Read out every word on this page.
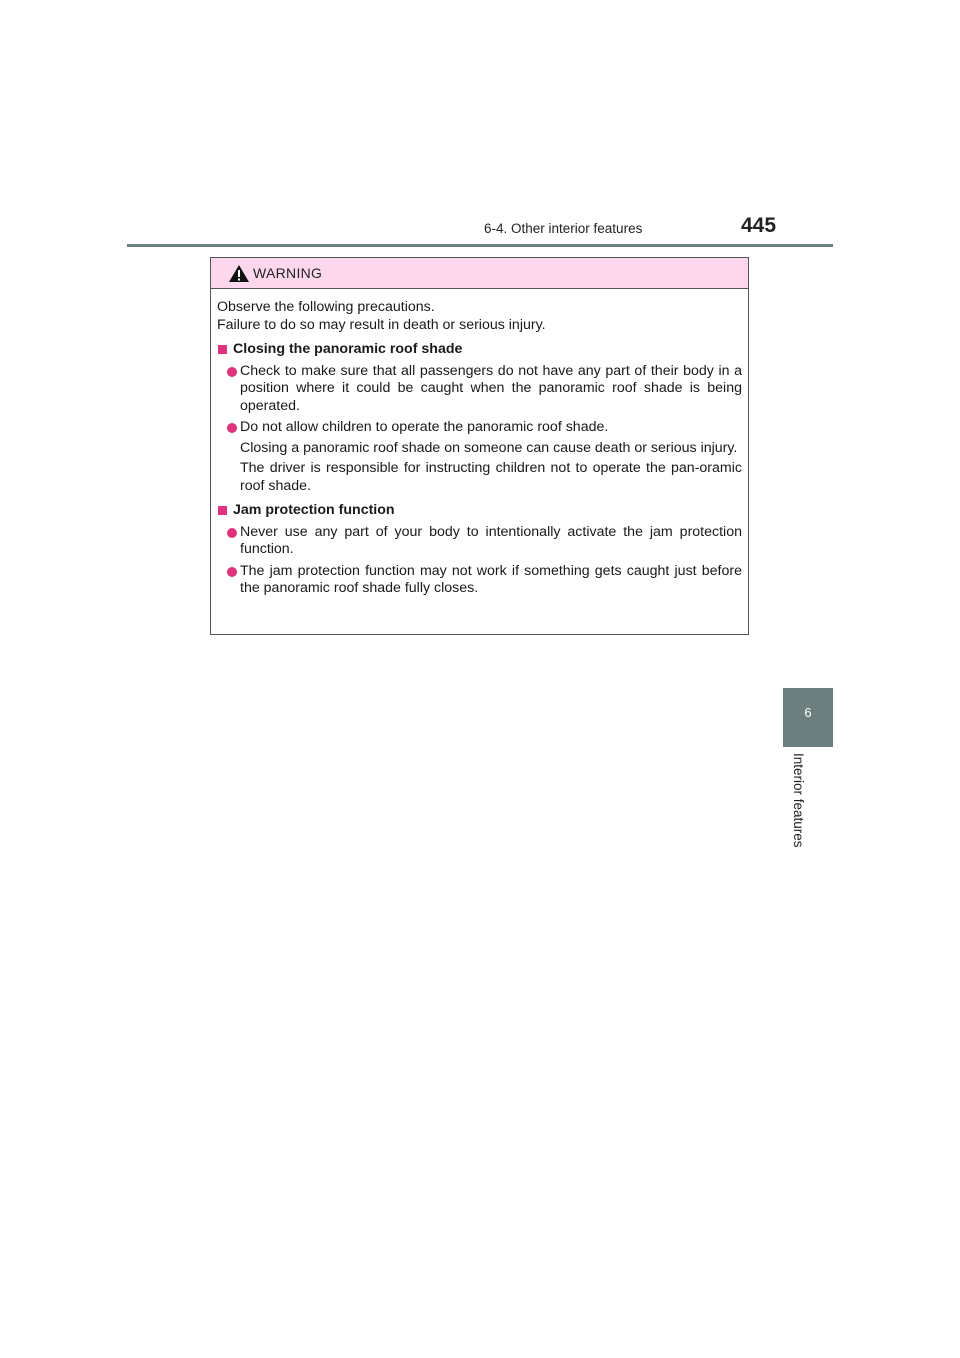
6-4. Other interior features	445
6
Interior features
WARNING

Observe the following precautions.

Failure to do so may result in death or serious injury.

Closing the panoramic roof shade

Check to make sure that all passengers do not have any part of their body in a position where it could be caught when the panoramic roof shade is being operated.

Do not allow children to operate the panoramic roof shade.

Closing a panoramic roof shade on someone can cause death or serious injury.

The driver is responsible for instructing children not to operate the pan-oramic roof shade.

Jam protection function

Never use any part of your body to intentionally activate the jam protection function.

The jam protection function may not work if something gets caught just before the panoramic roof shade fully closes.
